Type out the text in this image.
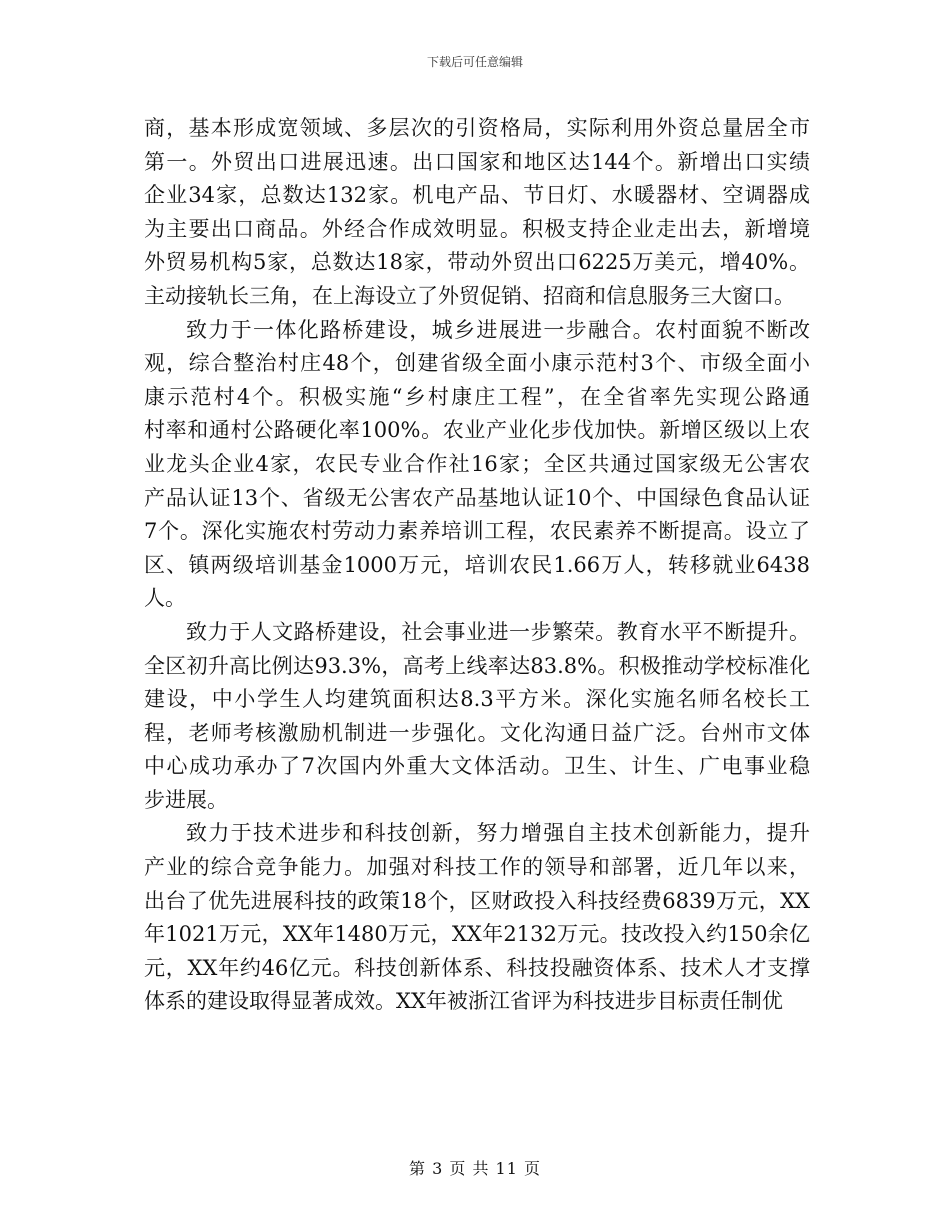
下载后可任意编辑
商，基本形成宽领域、多层次的引资格局，实际利用外资总量居全市
第一。外贸出口进展迅速。出口国家和地区达144个。新增出口实绩
企业34家，总数达132家。机电产品、节日灯、水暖器材、空调器成
为主要出口商品。外经合作成效明显。积极支持企业走出去，新增境
外贸易机构5家，总数达18家，带动外贸出口6225万美元，增40%。
主动接轨长三角，在上海设立了外贸促销、招商和信息服务三大窗口。
致力于一体化路桥建设，城乡进展进一步融合。农村面貌不断改
观，综合整治村庄48个，创建省级全面小康示范村3个、市级全面小
康示范村4个。积极实施“乡村康庄工程”，在全省率先实现公路通
村率和通村公路硬化率100%。农业产业化步伐加快。新增区级以上农
业龙头企业4家，农民专业合作社16家；全区共通过国家级无公害农
产品认证13个、省级无公害农产品基地认证10个、中国绿色食品认证
7个。深化实施农村劳动力素养培训工程，农民素养不断提高。设立了
区、镇两级培训基金1000万元，培训农民1.66万人，转移就业6438
人。
致力于人文路桥建设，社会事业进一步繁荣。教育水平不断提升。
全区初升高比例达93.3%，高考上线率达83.8%。积极推动学校标准化
建设，中小学生人均建筑面积达8.3平方米。深化实施名师名校长工
程，老师考核激励机制进一步强化。文化沟通日益广泛。台州市文体
中心成功承办了7次国内外重大文体活动。卫生、计生、广电事业稳
步进展。
致力于技术进步和科技创新，努力增强自主技术创新能力，提升
产业的综合竞争能力。加强对科技工作的领导和部署，近几年以来，
出台了优先进展科技的政策18个，区财政投入科技经费6839万元，XX
年1021万元，XX年1480万元，XX年2132万元。技改投入约150余亿
元，XX年约46亿元。科技创新体系、科技投融资体系、技术人才支撑
体系的建设取得显著成效。XX年被浙江省评为科技进步目标责任制优
第 3 页 共 11 页
